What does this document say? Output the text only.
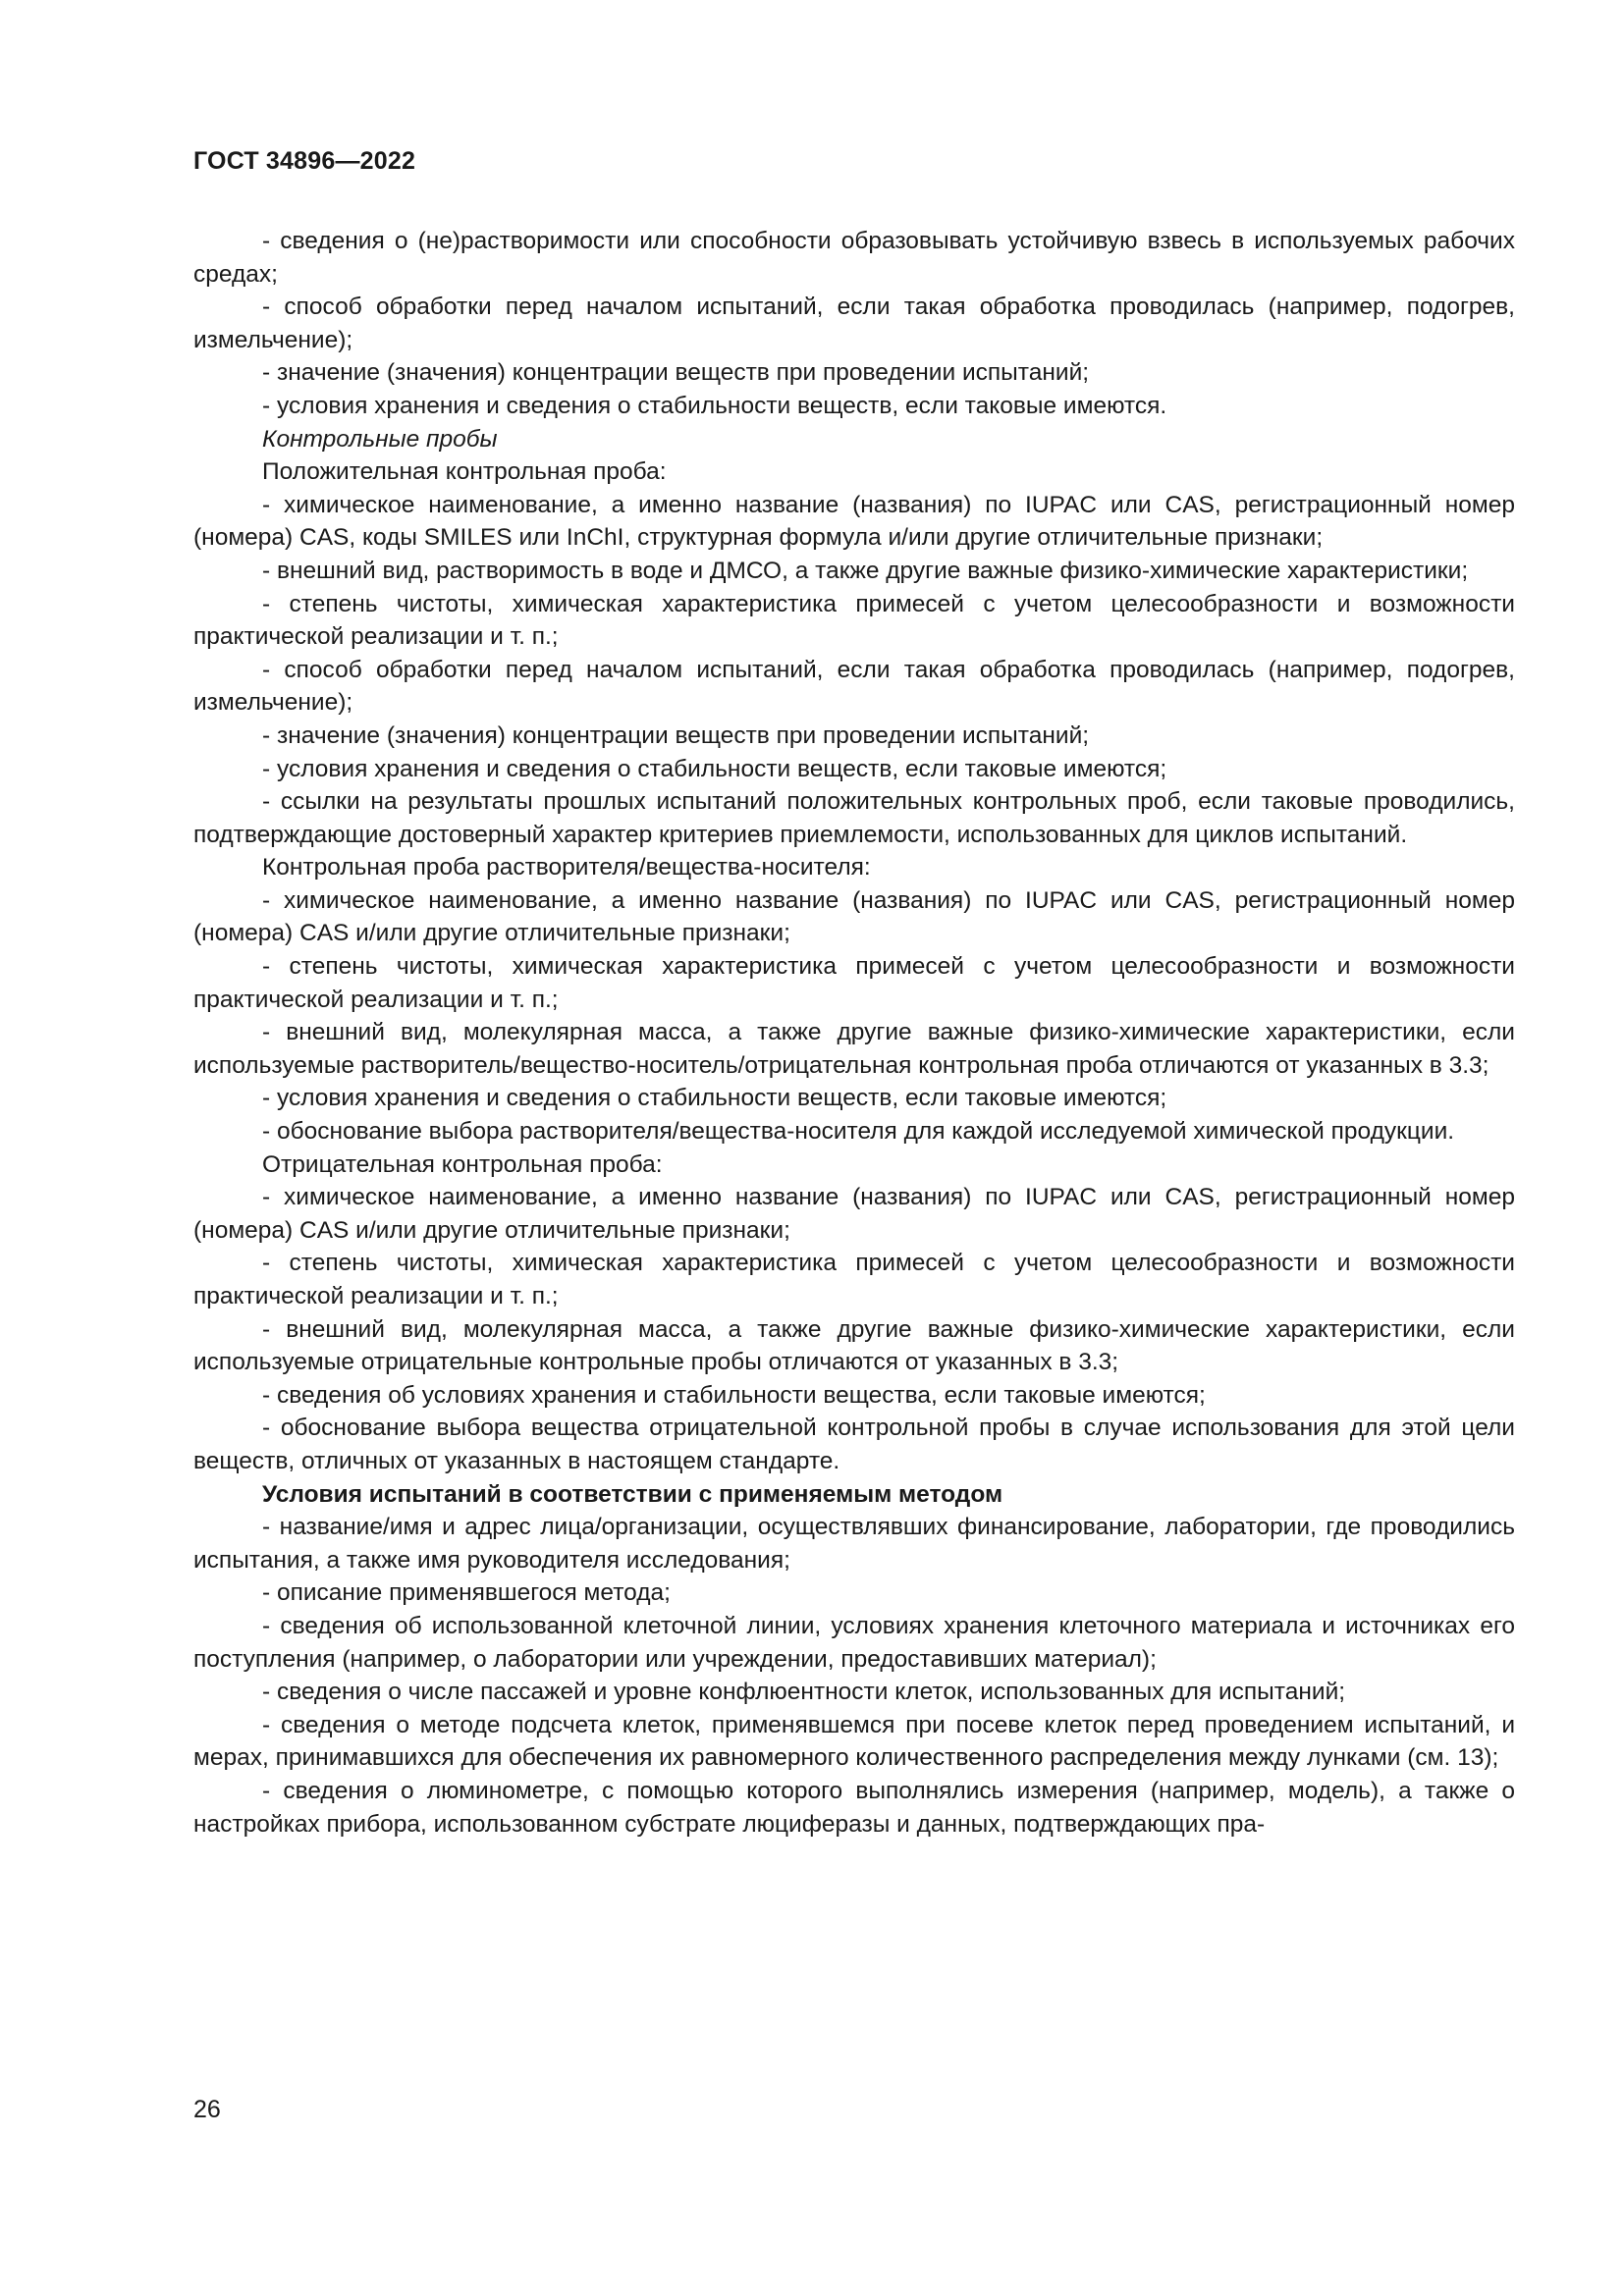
ГОСТ 34896—2022

- сведения о (не)растворимости или способности образовывать устойчивую взвесь в используемых рабочих средах;

- способ обработки перед началом испытаний, если такая обработка проводилась (например, подогрев, измельчение);

- значение (значения) концентрации веществ при проведении испытаний;

- условия хранения и сведения о стабильности веществ, если таковые имеются.

Контрольные пробы

Положительная контрольная проба:

- химическое наименование, а именно название (названия) по IUPAC или CAS, регистрационный номер (номера) CAS, коды SMILES или InChI, структурная формула и/или другие отличительные признаки;

- внешний вид, растворимость в воде и ДМСО, а также другие важные физико-химические характеристики;

- степень чистоты, химическая характеристика примесей с учетом целесообразности и возможности практической реализации и т. п.;

- способ обработки перед началом испытаний, если такая обработка проводилась (например, подогрев, измельчение);

- значение (значения) концентрации веществ при проведении испытаний;

- условия хранения и сведения о стабильности веществ, если таковые имеются;

- ссылки на результаты прошлых испытаний положительных контрольных проб, если таковые проводились, подтверждающие достоверный характер критериев приемлемости, использованных для циклов испытаний.

Контрольная проба растворителя/вещества-носителя:

- химическое наименование, а именно название (названия) по IUPAC или CAS, регистрационный номер (номера) CAS и/или другие отличительные признаки;

- степень чистоты, химическая характеристика примесей с учетом целесообразности и возможности практической реализации и т. п.;

- внешний вид, молекулярная масса, а также другие важные физико-химические характеристики, если используемые растворитель/вещество-носитель/отрицательная контрольная проба отличаются от указанных в 3.3;

- условия хранения и сведения о стабильности веществ, если таковые имеются;

- обоснование выбора растворителя/вещества-носителя для каждой исследуемой химической продукции.

Отрицательная контрольная проба:

- химическое наименование, а именно название (названия) по IUPAC или CAS, регистрационный номер (номера) CAS и/или другие отличительные признаки;

- степень чистоты, химическая характеристика примесей с учетом целесообразности и возможности практической реализации и т. п.;

- внешний вид, молекулярная масса, а также другие важные физико-химические характеристики, если используемые отрицательные контрольные пробы отличаются от указанных в 3.3;

- сведения об условиях хранения и стабильности вещества, если таковые имеются;

- обоснование выбора вещества отрицательной контрольной пробы в случае использования для этой цели веществ, отличных от указанных в настоящем стандарте.

Условия испытаний в соответствии с применяемым методом

- название/имя и адрес лица/организации, осуществлявших финансирование, лаборатории, где проводились испытания, а также имя руководителя исследования;

- описание применявшегося метода;

- сведения об использованной клеточной линии, условиях хранения клеточного материала и источниках его поступления (например, о лаборатории или учреждении, предоставивших материал);

- сведения о числе пассажей и уровне конфлюентности клеток, использованных для испытаний;

- сведения о методе подсчета клеток, применявшемся при посеве клеток перед проведением испытаний, и мерах, принимавшихся для обеспечения их равномерного количественного распределения между лунками (см. 13);

- сведения о люминометре, с помощью которого выполнялись измерения (например, модель), а также о настройках прибора, использованном субстрате люциферазы и данных, подтверждающих пра-

26
